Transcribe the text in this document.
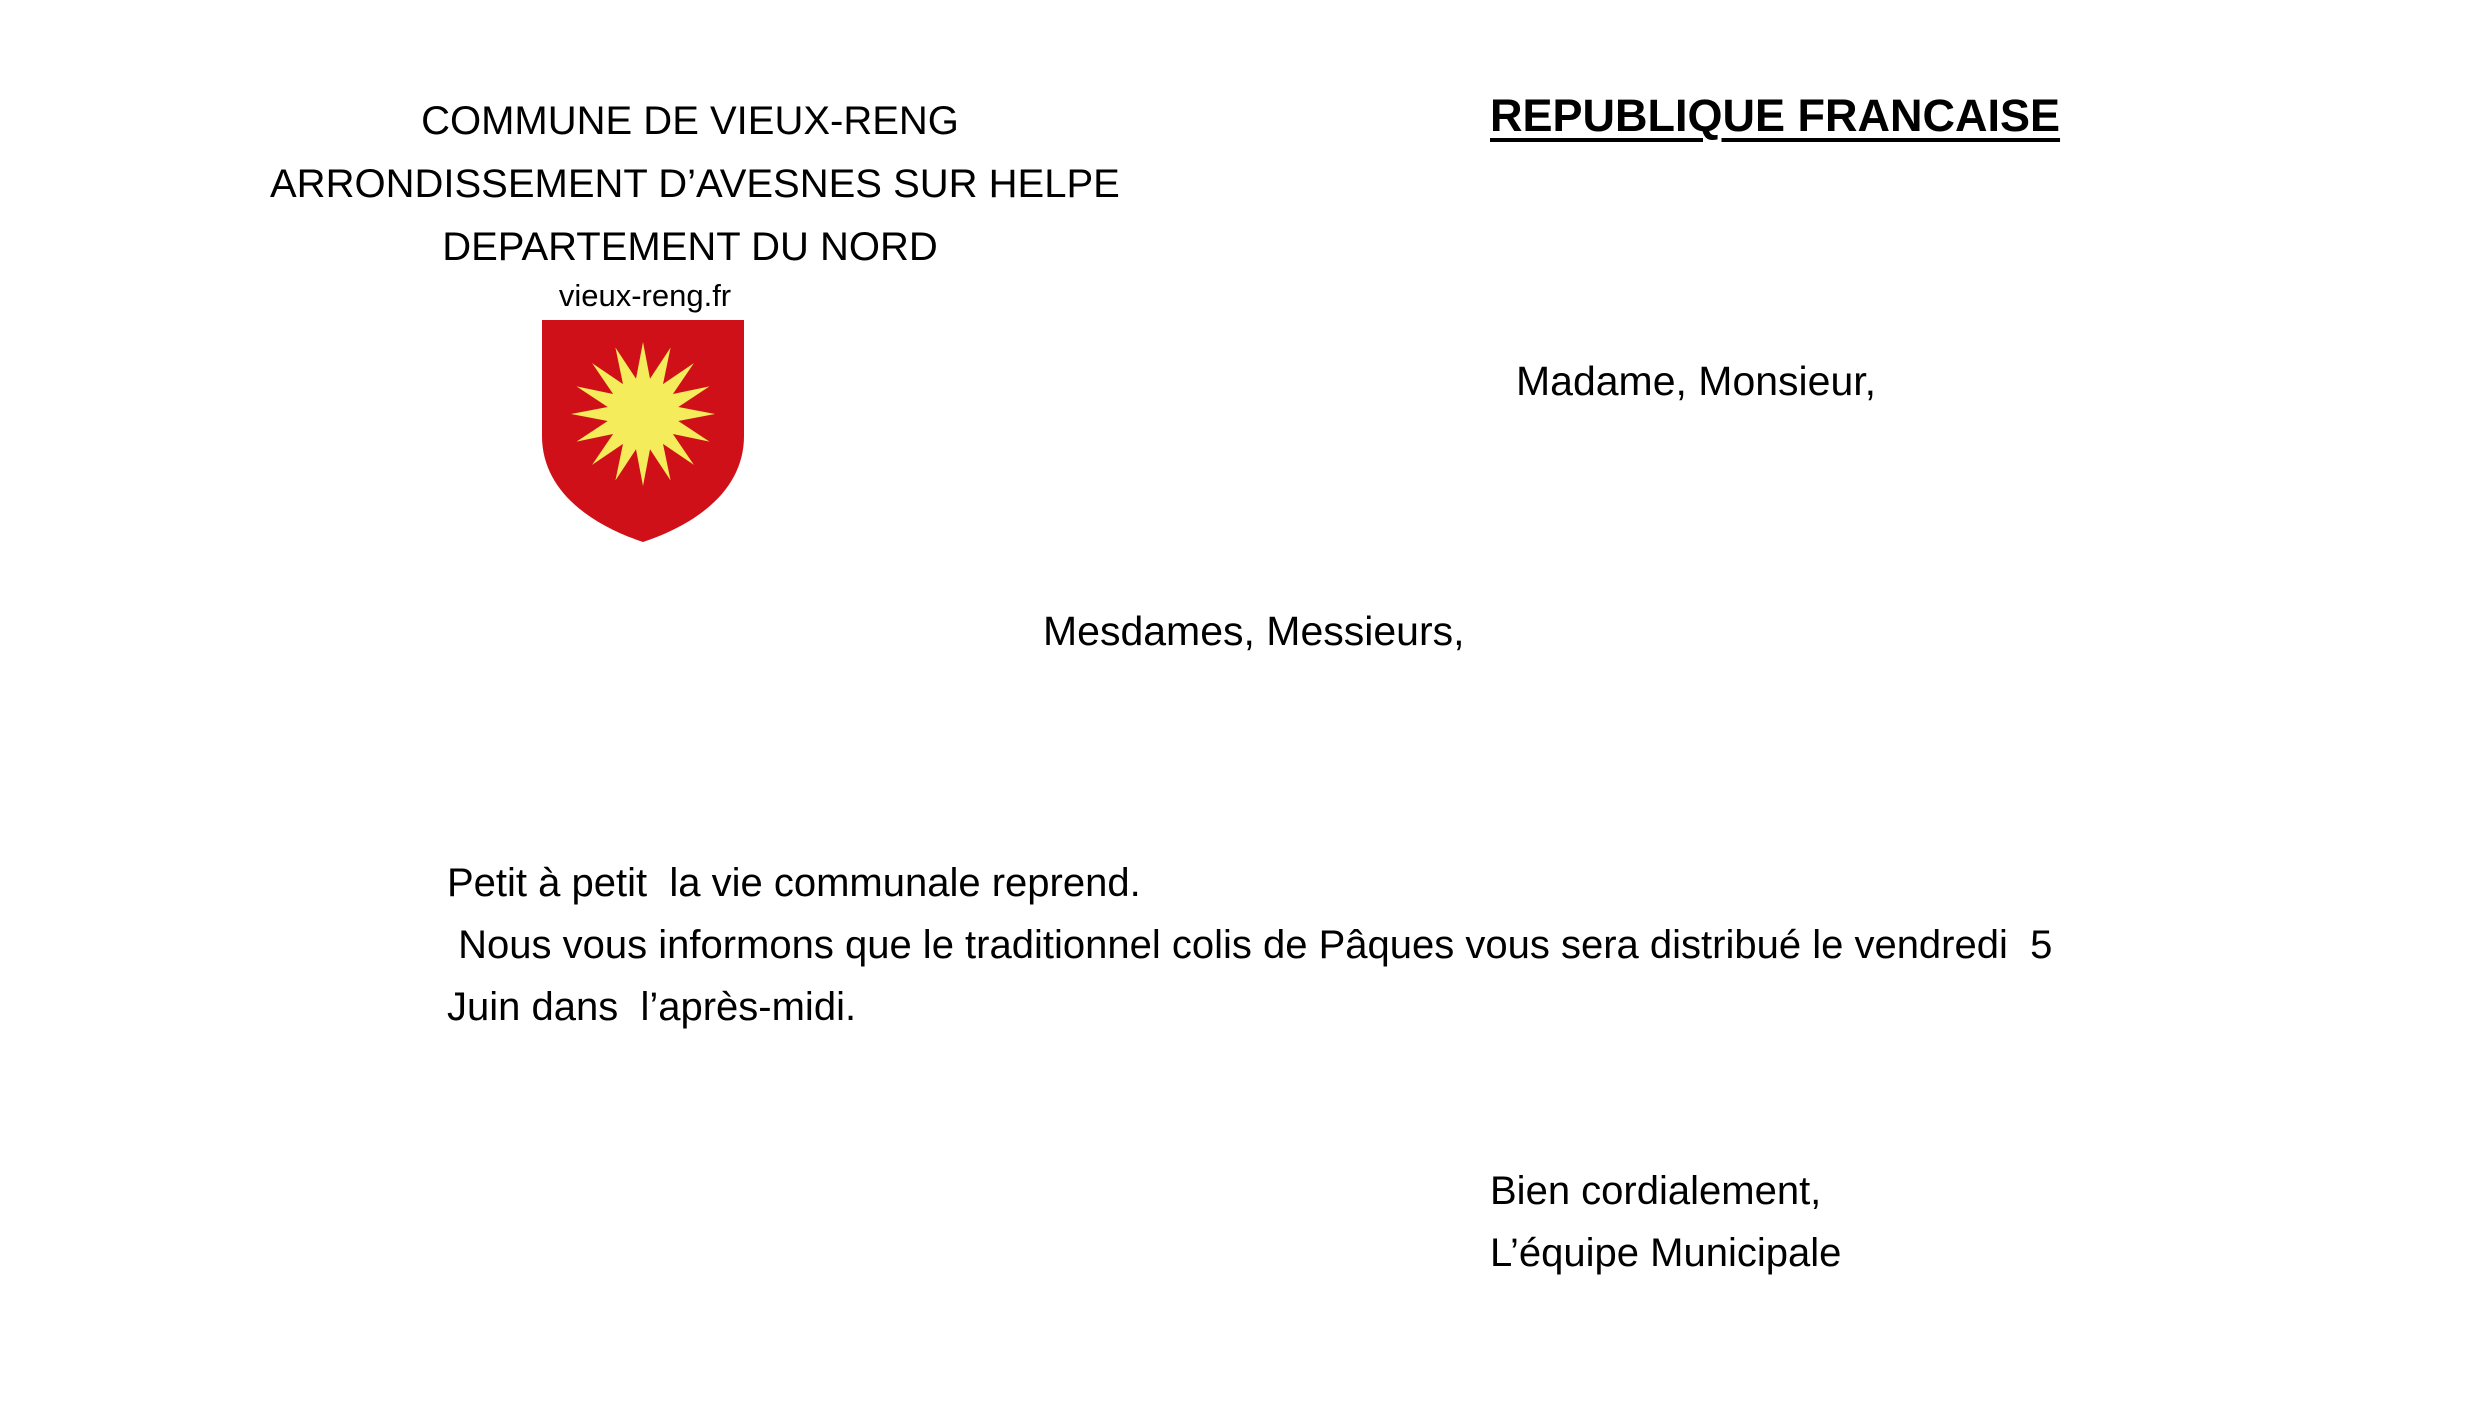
COMMUNE DE VIEUX-RENG
ARRONDISSEMENT D’AVESNES SUR HELPE
DEPARTEMENT DU NORD
vieux-reng.fr
REPUBLIQUE FRANCAISE
Madame, Monsieur,
Mesdames, Messieurs,
Petit à petit  la vie communale reprend.
Nous vous informons que le traditionnel colis de Pâques vous sera distribué le vendredi  5
Juin dans  l’après-midi.
Bien cordialement,
L’équipe Municipale
